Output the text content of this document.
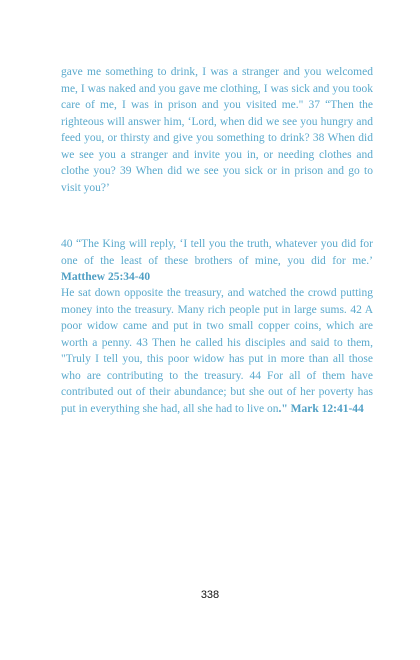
gave me something to drink, I was a stranger and you welcomed me, I was naked and you gave me clothing, I was sick and you took care of me, I was in prison and you visited me." 37 “Then the righteous will answer him, ‘Lord, when did we see you hungry and feed you, or thirsty and give you something to drink? 38 When did we see you a stranger and invite you in, or needing clothes and clothe you? 39 When did we see you sick or in prison and go to visit you?’

40 “The King will reply, ‘I tell you the truth, whatever you did for one of the least of these brothers of mine, you did for me.’ Matthew 25:34-40

He sat down opposite the treasury, and watched the crowd putting money into the treasury. Many rich people put in large sums. 42 A poor widow came and put in two small copper coins, which are worth a penny. 43 Then he called his disciples and said to them, "Truly I tell you, this poor widow has put in more than all those who are contributing to the treasury. 44 For all of them have contributed out of their abundance; but she out of her poverty has put in everything she had, all she had to live on." Mark 12:41-44

338
